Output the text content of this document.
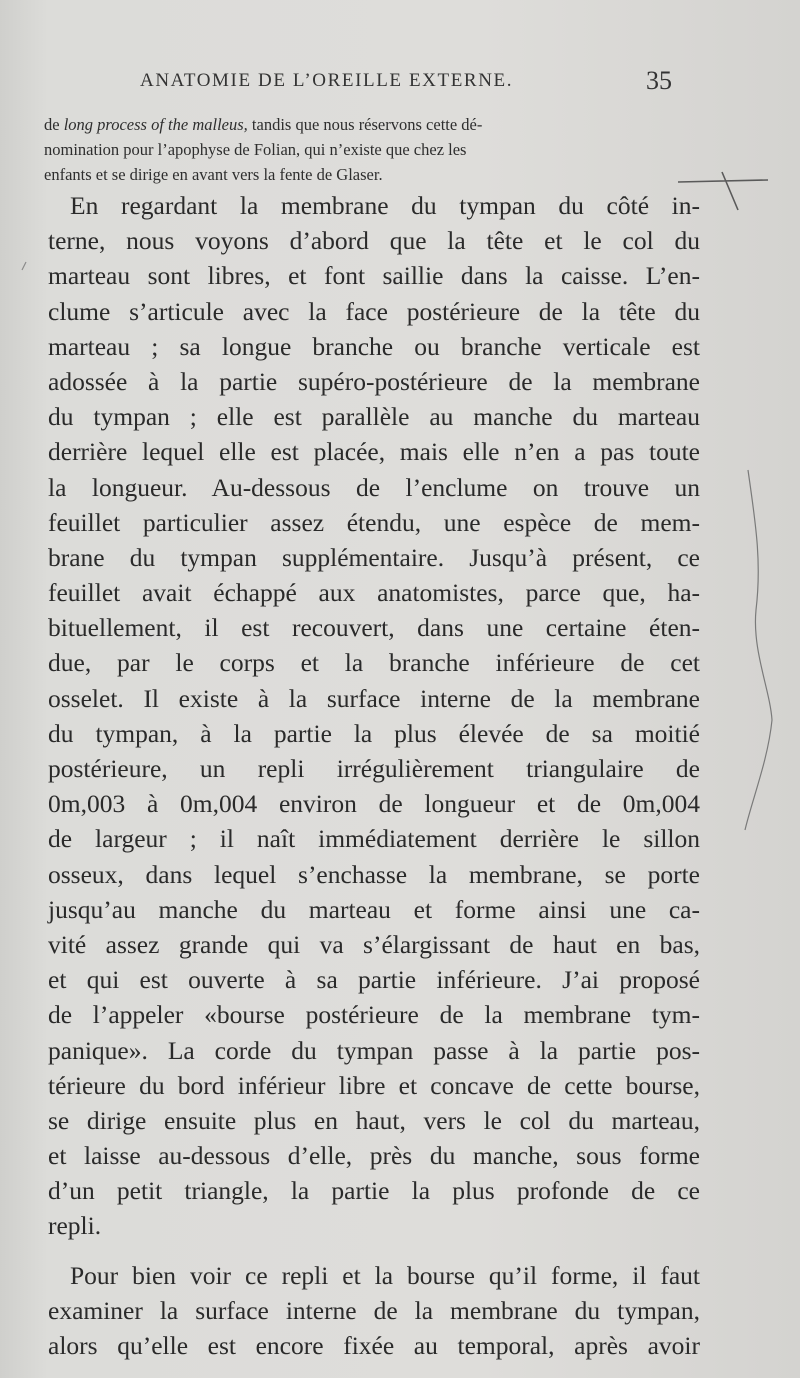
ANATOMIE DE L’OREILLE EXTERNE.	35
de long process of the malleus, tandis que nous réservons cette dé-
nomination pour l’apophyse de Folian, qui n’existe que chez les
enfants et se dirige en avant vers la fente de Glaser.
En regardant la membrane du tympan du côté in-
terne, nous voyons d’abord que la tête et le col du
marteau sont libres, et font saillie dans la caisse. L’en-
clume s’articule avec la face postérieure de la tête du
marteau ; sa longue branche ou branche verticale est
adossée à la partie supéro-postérieure de la membrane
du tympan ; elle est parallèle au manche du marteau
derrière lequel elle est placée, mais elle n’en a pas toute
la longueur. Au-dessous de l’enclume on trouve un
feuillet particulier assez étendu, une espèce de mem-
brane du tympan supplémentaire. Jusqu’à présent, ce
feuillet avait échappé aux anatomistes, parce que, ha-
bituellement, il est recouvert, dans une certaine éten-
due, par le corps et la branche inférieure de cet
osselet. Il existe à la surface interne de la membrane
du tympan, à la partie la plus élevée de sa moitié
postérieure, un repli irrégulièrement triangulaire de
0m,003 à 0m,004 environ de longueur et de 0m,004
de largeur ; il naît immédiatement derrière le sillon
osseux, dans lequel s’enchasse la membrane, se porte
jusqu’au manche du marteau et forme ainsi une ca-
vité assez grande qui va s’élargissant de haut en bas,
et qui est ouverte à sa partie inférieure. J’ai proposé
de l’appeler «bourse postérieure de la membrane tym-
panique». La corde du tympan passe à la partie pos-
térieure du bord inférieur libre et concave de cette bourse,
se dirige ensuite plus en haut, vers le col du marteau,
et laisse au-dessous d’elle, près du manche, sous forme
d’un petit triangle, la partie la plus profonde de ce
repli.
Pour bien voir ce repli et la bourse qu’il forme, il faut
examiner la surface interne de la membrane du tympan,
alors qu’elle est encore fixée au temporal, après avoir
